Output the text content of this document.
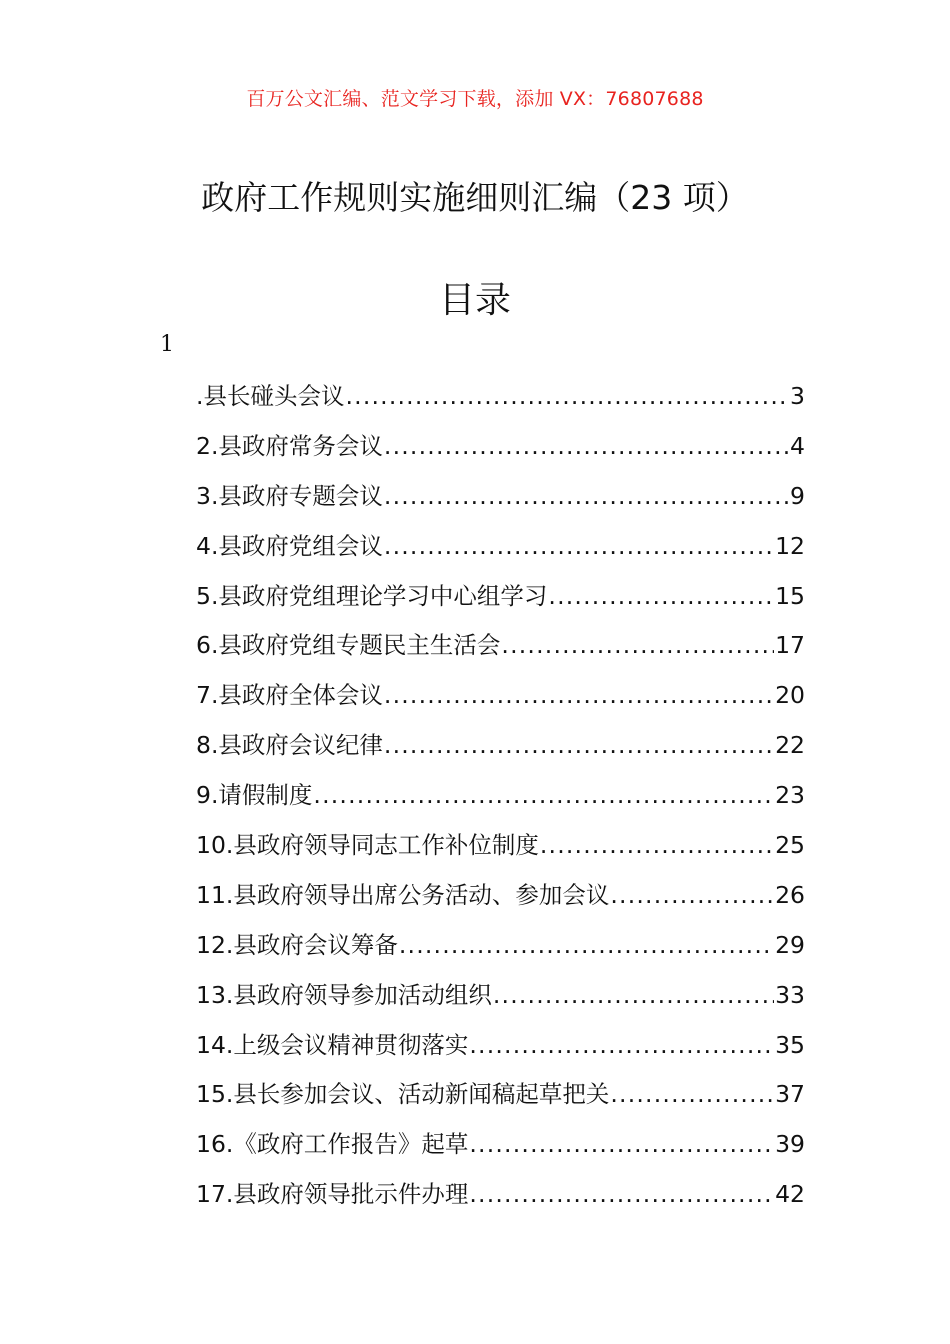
百万公文汇编、范文学习下载，添加 VX：76807688
政府工作规则实施细则汇编（23 项）
目录
1
.县长碰头会议 .....	3
2.县政府常务会议 .....	4
3.县政府专题会议 .....	9
4.县政府党组会议 .....	12
5.县政府党组理论学习中心组学习 .....	15
6.县政府党组专题民主生活会 .....	17
7.县政府全体会议 .....	20
8.县政府会议纪律 .....	22
9.请假制度 .....	23
10.县政府领导同志工作补位制度 .....	25
11.县政府领导出席公务活动、参加会议 .....	26
12.县政府会议筹备 .....	29
13.县政府领导参加活动组织 .....	33
14.上级会议精神贯彻落实 .....	35
15.县长参加会议、活动新闻稿起草把关 .....	37
16.《政府工作报告》起草 .....	39
17.县政府领导批示件办理 .....	42
